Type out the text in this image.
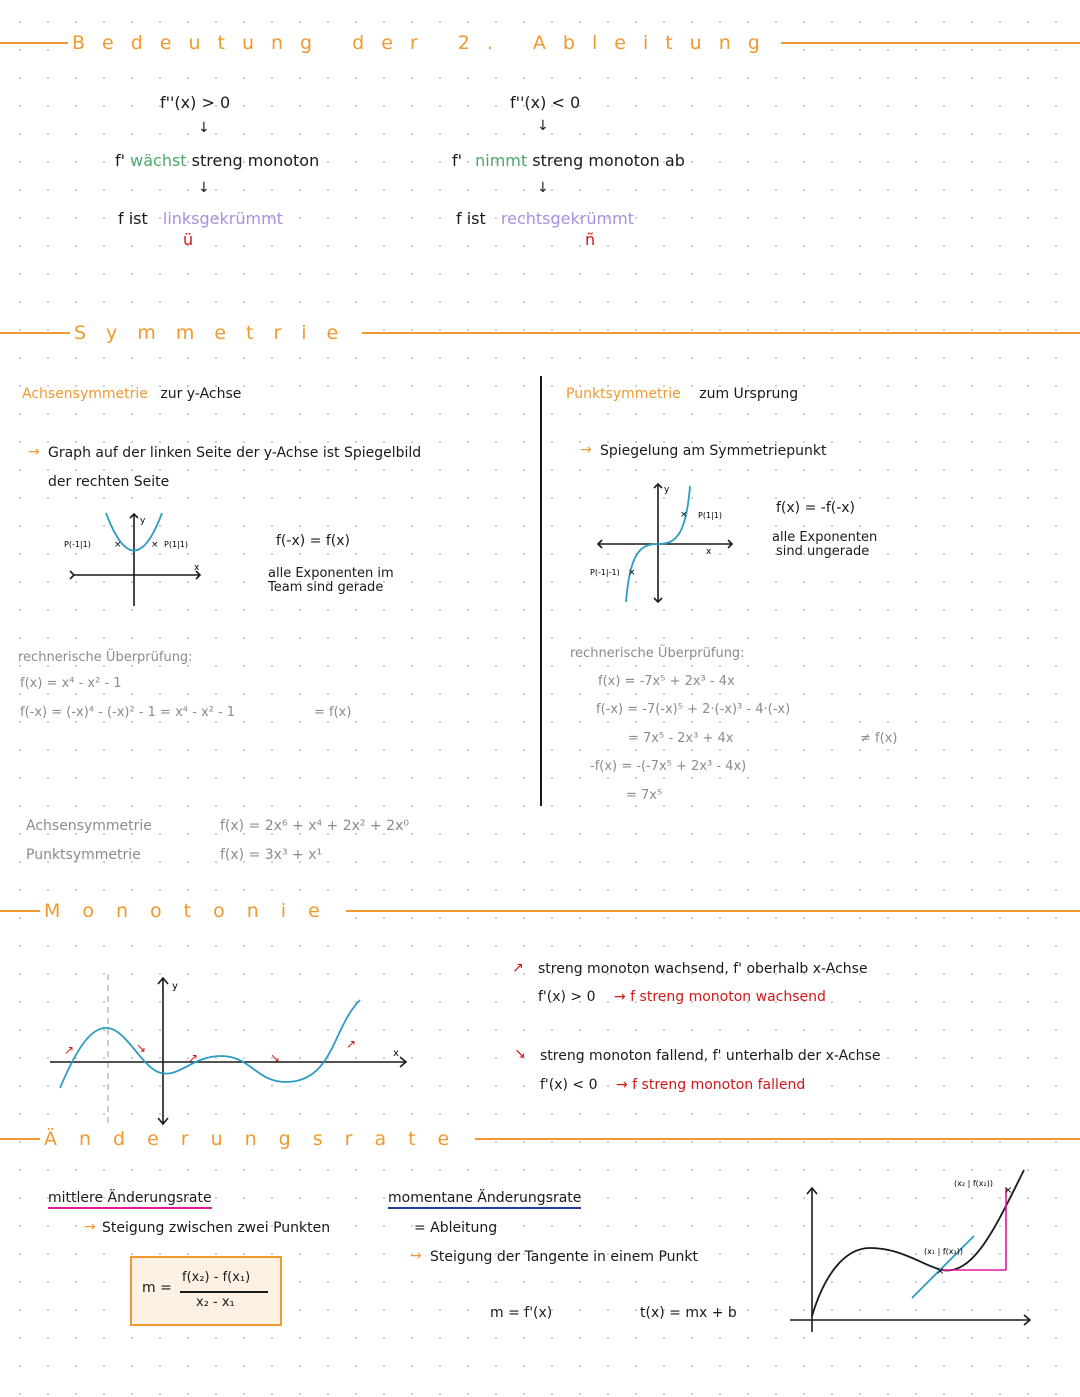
Bedeutung der 2. Ableitung
f''(x) > 0
↓
f' wächst streng monoton
↓
f ist linksgekrümmt
ü
f''(x) < 0
↓
f' nimmt streng monoton ab
↓
f ist rechtsgekrümmt
ñ
Symmetrie
Achsensymmetrie zur y-Achse
→ Graph auf der linken Seite der y-Achse ist Spiegelbild
der rechten Seite
×	×
P(-1|1)	P(1|1)
y
x
f(-x) = f(x)
alle Exponenten im
Team sind gerade
rechnerische Überprüfung:
f(x) = x⁴ - x² - 1
f(-x) = (-x)⁴ - (-x)² - 1 = x⁴ - x² - 1	= f(x)
Punktsymmetrie zum Ursprung
→ Spiegelung am Symmetriepunkt
×
×
P(1|1)
P(-1|-1)
y
x
f(x) = -f(-x)
alle Exponenten
sind ungerade
rechnerische Überprüfung:
f(x) = -7x⁵ + 2x³ - 4x
f(-x) = -7(-x)⁵ + 2·(-x)³ - 4·(-x)
= 7x⁵ - 2x³ + 4x	≠ f(x)
-f(x) = -(-7x⁵ + 2x³ - 4x)
= 7x⁵
Achsensymmetrie	f(x) = 2x⁶ + x⁴ + 2x² + 2x⁰
Punktsymmetrie	f(x) = 3x³ + x¹
Monotonie
↗	↘
↗	↘
↗
y
x
↗ streng monoton wachsend, f' oberhalb x-Achse
f'(x) > 0 → f streng monoton wachsend
↘ streng monoton fallend, f' unterhalb der x-Achse
f'(x) < 0 → f streng monoton fallend
Änderungsrate
mittlere Änderungsrate
→ Steigung zwischen zwei Punkten
m =
f(x₂) - f(x₁)
x₂ - x₁
momentane Änderungsrate
= Ableitung
→ Steigung der Tangente in einem Punkt
m = f'(x)	t(x) = mx + b
×
×
(x₁ | f(x₁))
(x₂ | f(x₂))
